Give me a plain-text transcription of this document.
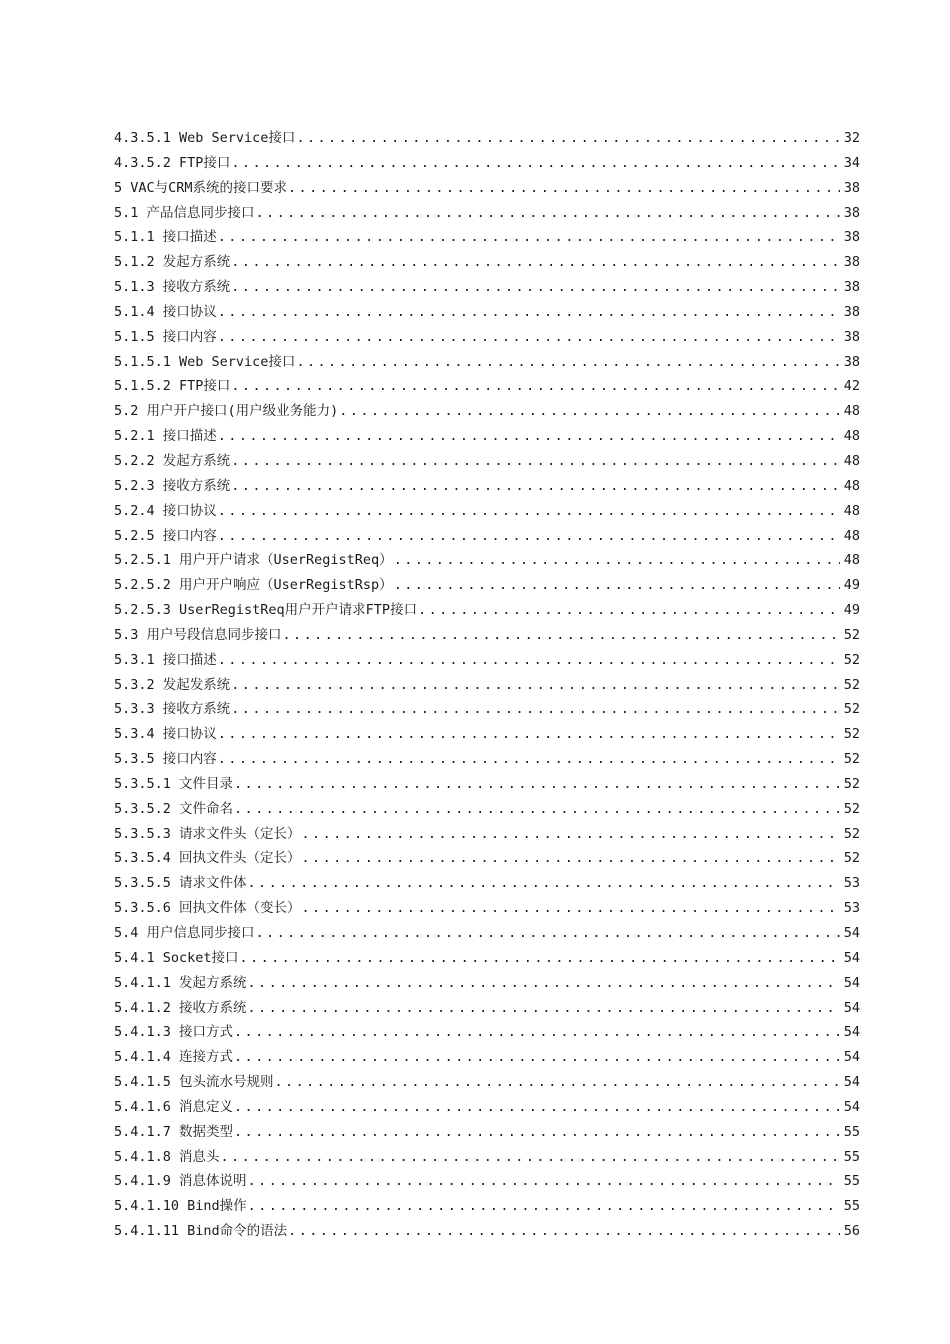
4.3.5.1 Web Service接口 .....	32
4.3.5.2 FTP接口 .....	34
5 VAC与CRM系统的接口要求 .....	38
5.1 产品信息同步接口 .....	38
5.1.1 接口描述 .....	38
5.1.2 发起方系统 .....	38
5.1.3 接收方系统 .....	38
5.1.4 接口协议 .....	38
5.1.5 接口内容 .....	38
5.1.5.1 Web Service接口 .....	38
5.1.5.2 FTP接口 .....	42
5.2 用户开户接口(用户级业务能力) .....	48
5.2.1 接口描述 .....	48
5.2.2 发起方系统 .....	48
5.2.3 接收方系统 .....	48
5.2.4 接口协议 .....	48
5.2.5 接口内容 .....	48
5.2.5.1 用户开户请求（UserRegistReq） .....	48
5.2.5.2 用户开户响应（UserRegistRsp） .....	49
5.2.5.3 UserRegistReq用户开户请求FTP接口 .....	49
5.3 用户号段信息同步接口 .....	52
5.3.1 接口描述 .....	52
5.3.2 发起发系统 .....	52
5.3.3 接收方系统 .....	52
5.3.4 接口协议 .....	52
5.3.5 接口内容 .....	52
5.3.5.1 文件目录 .....	52
5.3.5.2 文件命名 .....	52
5.3.5.3 请求文件头（定长） .....	52
5.3.5.4 回执文件头（定长） .....	52
5.3.5.5 请求文件体 .....	53
5.3.5.6 回执文件体（变长） .....	53
5.4 用户信息同步接口 .....	54
5.4.1 Socket接口 .....	54
5.4.1.1 发起方系统 .....	54
5.4.1.2 接收方系统 .....	54
5.4.1.3 接口方式 .....	54
5.4.1.4 连接方式 .....	54
5.4.1.5 包头流水号规则 .....	54
5.4.1.6 消息定义 .....	54
5.4.1.7 数据类型 .....	55
5.4.1.8 消息头 .....	55
5.4.1.9 消息体说明 .....	55
5.4.1.10 Bind操作 .....	55
5.4.1.11 Bind命令的语法 .....	56
